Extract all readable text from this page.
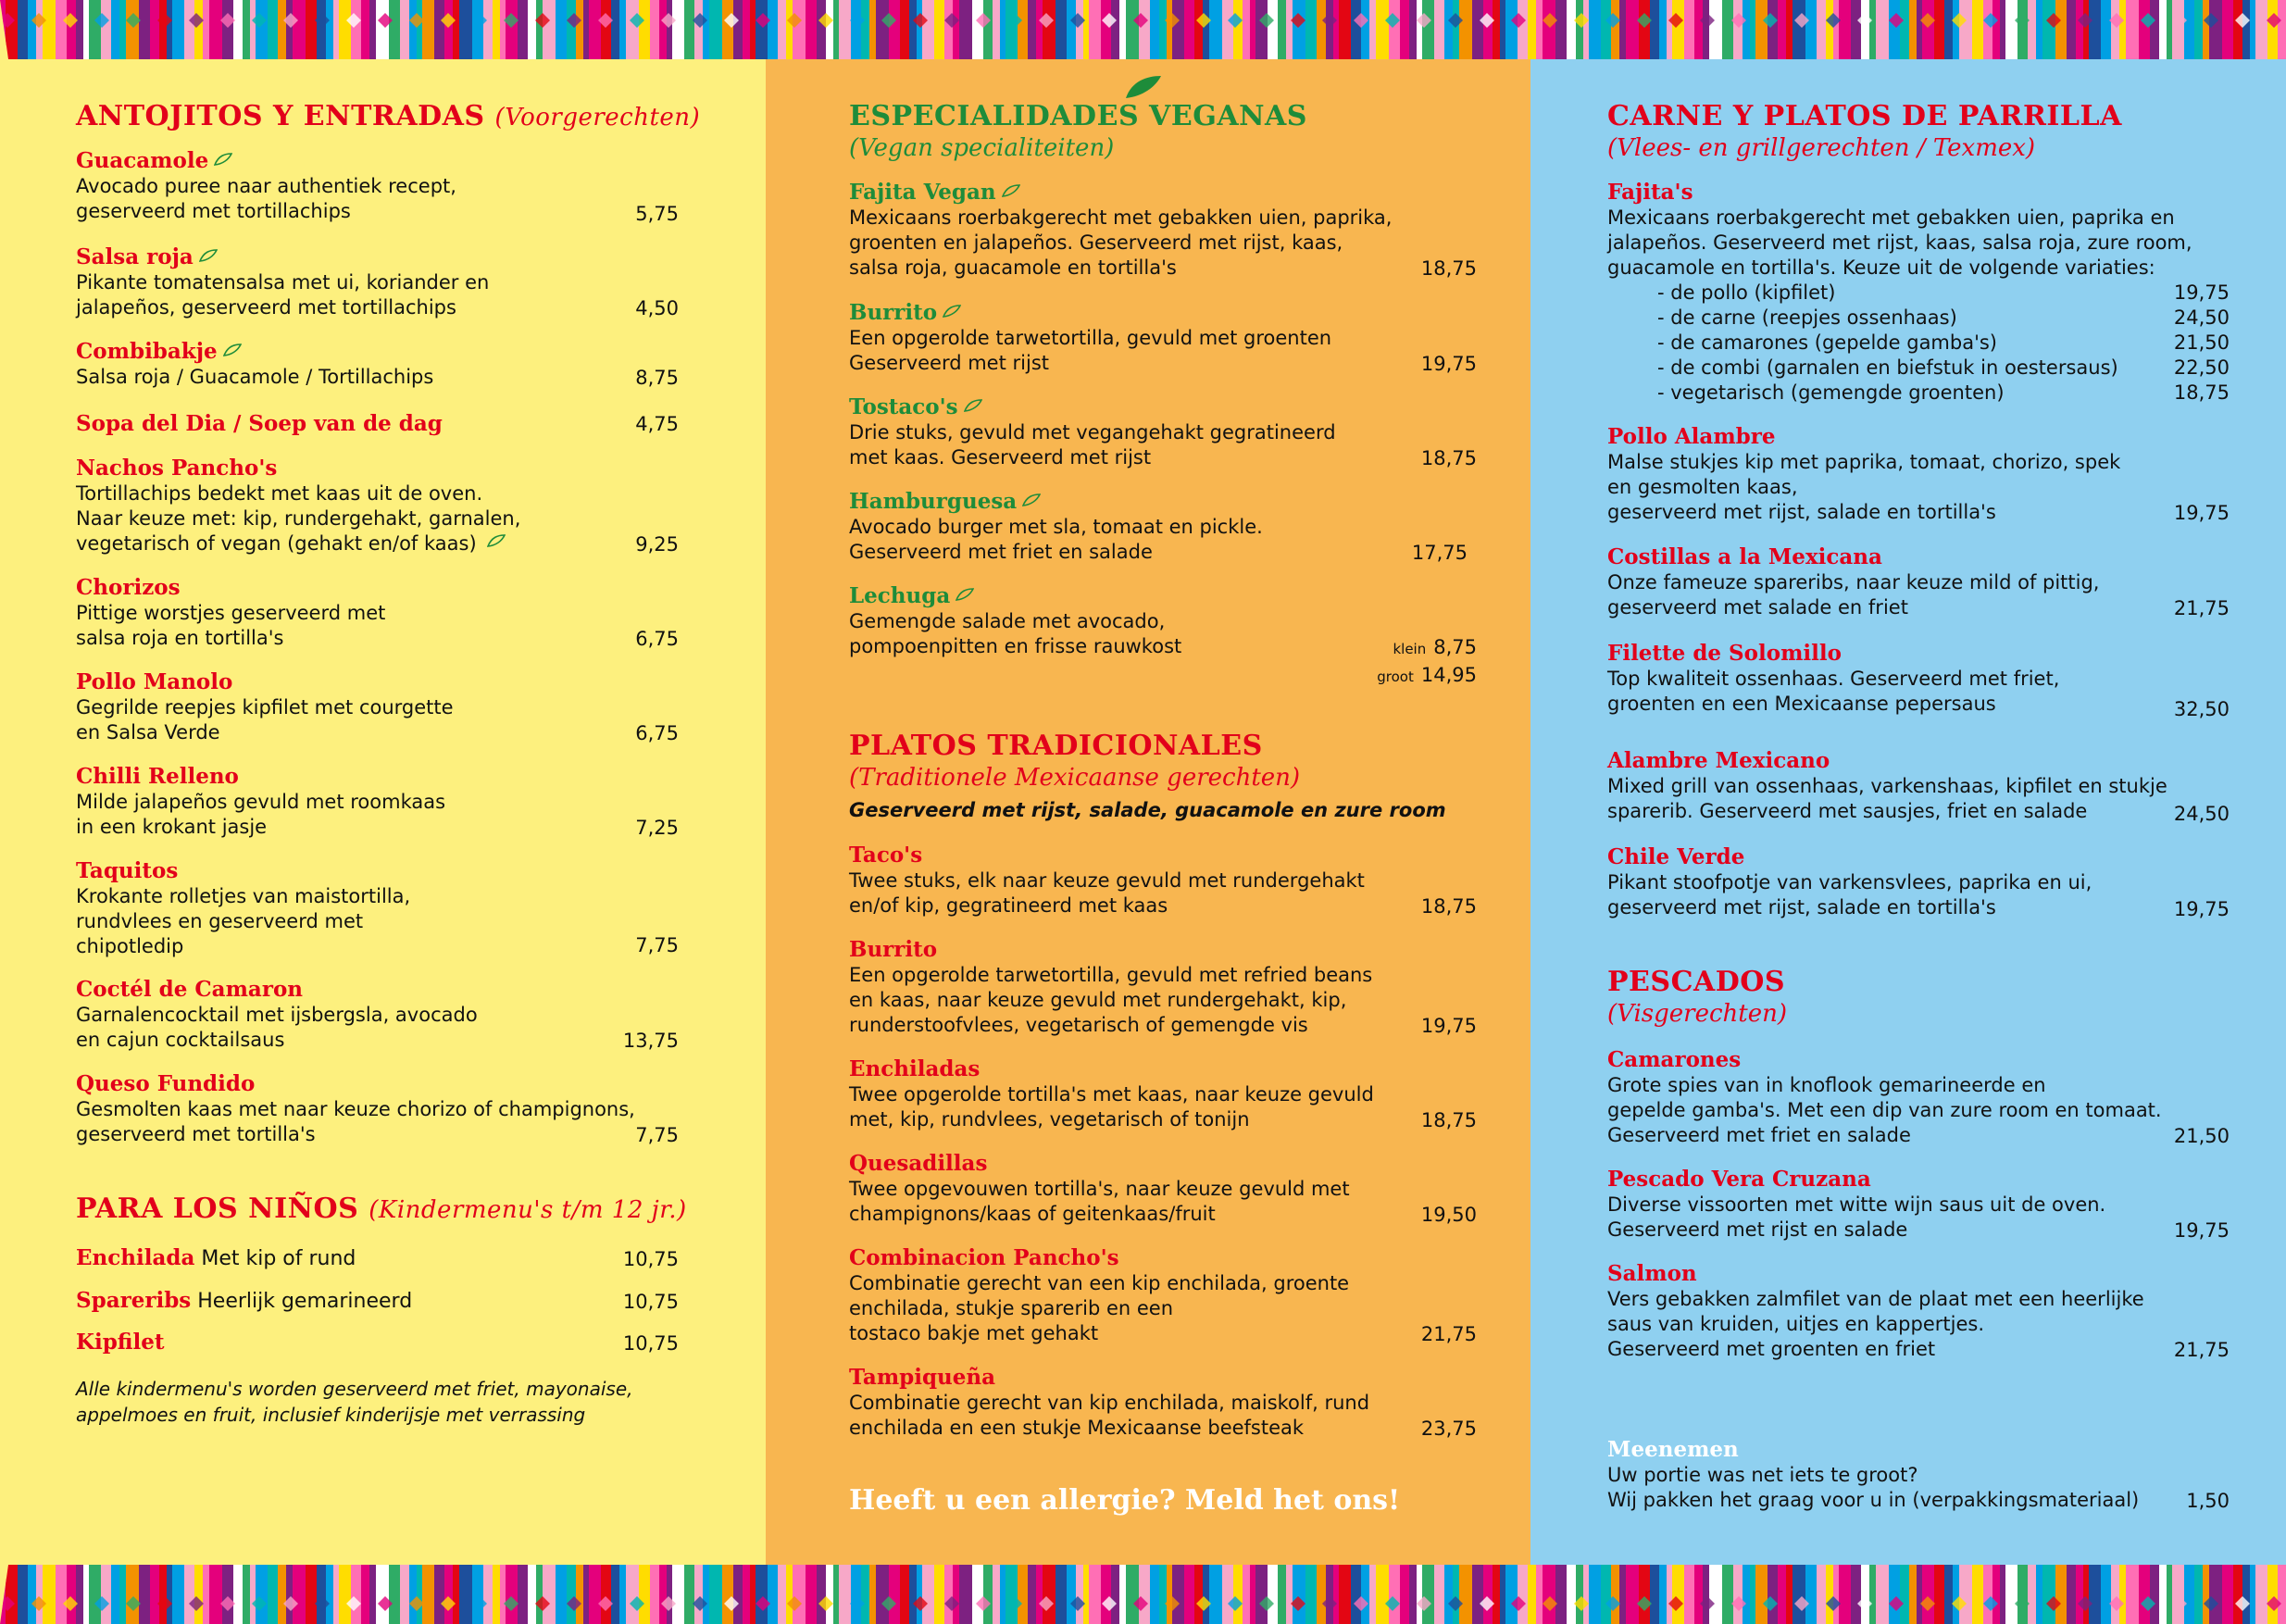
ANTOJITOS Y ENTRADAS (Voorgerechten)
Guacamole
Avocado puree naar authentiek recept,
geserveerd met tortillachips	5,75
Salsa roja
Pikante tomatensalsa met ui, koriander en
jalapeños, geserveerd met tortillachips	4,50
Combibakje
Salsa roja / Guacamole / Tortillachips	8,75
Sopa del Dia / Soep van de dag	4,75
Nachos Pancho's
Tortillachips bedekt met kaas uit de oven.
Naar keuze met: kip, rundergehakt, garnalen,
vegetarisch of vegan (gehakt en/of kaas)	9,25
Chorizos
Pittige worstjes geserveerd met
salsa roja en tortilla's	6,75
Pollo Manolo
Gegrilde reepjes kipfilet met courgette
en Salsa Verde	6,75
Chilli Relleno
Milde jalapeños gevuld met roomkaas
in een krokant jasje	7,25
Taquitos
Krokante rolletjes van maistortilla,
rundvlees en geserveerd met
chipotledip	7,75
Coctél de Camaron
Garnalencocktail met ijsbergsla, avocado
en cajun cocktailsaus	13,75
Queso Fundido
Gesmolten kaas met naar keuze chorizo of champignons,
geserveerd met tortilla's	7,75
PARA LOS NIÑOS (Kindermenu's t/m 12 jr.)
Enchilada Met kip of rund	10,75
Spareribs Heerlijk gemarineerd	10,75
Kipfilet	10,75
Alle kindermenu's worden geserveerd met friet, mayonaise,
appelmoes en fruit, inclusief kinderijsje met verrassing
ESPECIALIDADES VEGANAS
(Vegan specialiteiten)
Fajita Vegan
Mexicaans roerbakgerecht met gebakken uien, paprika,
groenten en jalapeños. Geserveerd met rijst, kaas,
salsa roja, guacamole en tortilla's	18,75
Burrito
Een opgerolde tarwetortilla, gevuld met groenten
Geserveerd met rijst	19,75
Tostaco's
Drie stuks, gevuld met vegangehakt gegratineerd
met kaas. Geserveerd met rijst	18,75
Hamburguesa
Avocado burger met sla, tomaat en pickle.
Geserveerd met friet en salade	17,75
Lechuga
Gemengde salade met avocado,
pompoenpitten en frisse rauwkost	klein 8,75
groot 14,95
PLATOS TRADICIONALES
(Traditionele Mexicaanse gerechten)
Geserveerd met rijst, salade, guacamole en zure room
Taco's
Twee stuks, elk naar keuze gevuld met rundergehakt
en/of kip, gegratineerd met kaas	18,75
Burrito
Een opgerolde tarwetortilla, gevuld met refried beans
en kaas, naar keuze gevuld met rundergehakt, kip,
runderstoofvlees, vegetarisch of gemengde vis	19,75
Enchiladas
Twee opgerolde tortilla's met kaas, naar keuze gevuld
met, kip, rundvlees, vegetarisch of tonijn	18,75
Quesadillas
Twee opgevouwen tortilla's, naar keuze gevuld met
champignons/kaas of geitenkaas/fruit	19,50
Combinacion Pancho's
Combinatie gerecht van een kip enchilada, groente
enchilada, stukje sparerib en een
tostaco bakje met gehakt	21,75
Tampiqueña
Combinatie gerecht van kip enchilada, maiskolf, rund
enchilada en een stukje Mexicaanse beefsteak	23,75
Heeft u een allergie? Meld het ons!
CARNE Y PLATOS DE PARRILLA
(Vlees- en grillgerechten / Texmex)
Fajita's
Mexicaans roerbakgerecht met gebakken uien, paprika en
jalapeños. Geserveerd met rijst, kaas, salsa roja, zure room,
guacamole en tortilla's. Keuze uit de volgende variaties:
- de pollo (kipfilet)	19,75
- de carne (reepjes ossenhaas)	24,50
- de camarones (gepelde gamba's)	21,50
- de combi (garnalen en biefstuk in oestersaus)	22,50
- vegetarisch (gemengde groenten)	18,75
Pollo Alambre
Malse stukjes kip met paprika, tomaat, chorizo, spek
en gesmolten kaas,
geserveerd met rijst, salade en tortilla's	19,75
Costillas a la Mexicana
Onze fameuze spareribs, naar keuze mild of pittig,
geserveerd met salade en friet	21,75
Filette de Solomillo
Top kwaliteit ossenhaas. Geserveerd met friet,
groenten en een Mexicaanse pepersaus	32,50
Alambre Mexicano
Mixed grill van ossenhaas, varkenshaas, kipfilet en stukje
sparerib. Geserveerd met sausjes, friet en salade	24,50
Chile Verde
Pikant stoofpotje van varkensvlees, paprika en ui,
geserveerd met rijst, salade en tortilla's	19,75
PESCADOS
(Visgerechten)
Camarones
Grote spies van in knoflook gemarineerde en
gepelde gamba's. Met een dip van zure room en tomaat.
Geserveerd met friet en salade	21,50
Pescado Vera Cruzana
Diverse vissoorten met witte wijn saus uit de oven.
Geserveerd met rijst en salade	19,75
Salmon
Vers gebakken zalmfilet van de plaat met een heerlijke
saus van kruiden, uitjes en kappertjes.
Geserveerd met groenten en friet	21,75
Meenemen
Uw portie was net iets te groot?
Wij pakken het graag voor u in (verpakkingsmateriaal)	1,50
